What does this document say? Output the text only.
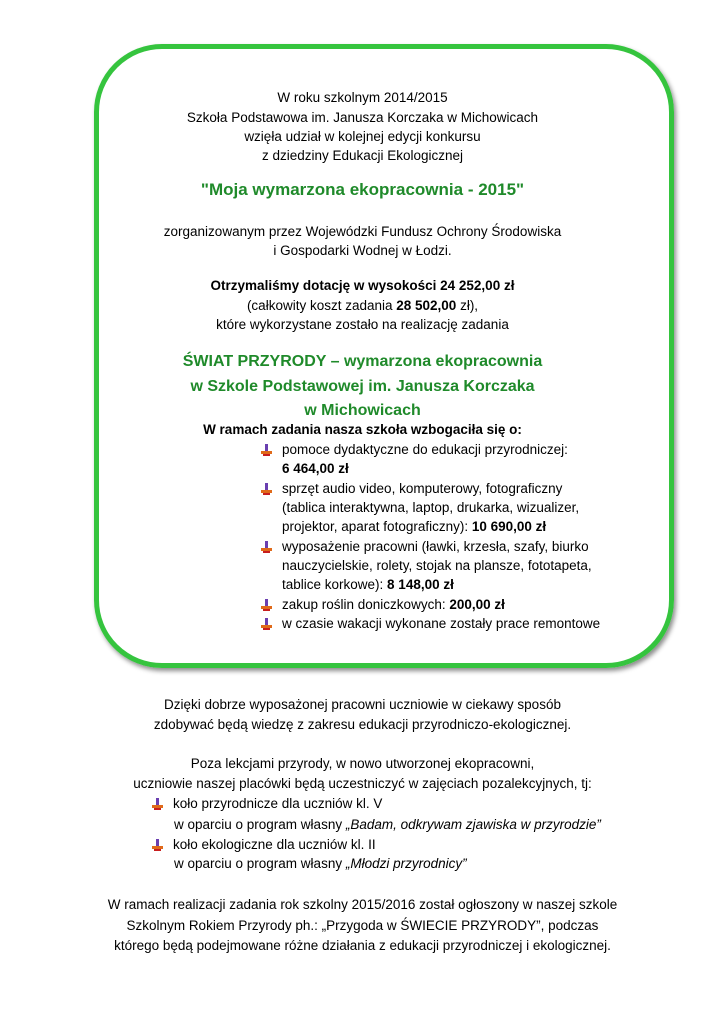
W roku szkolnym 2014/2015
Szkoła Podstawowa im. Janusza Korczaka w Michowicach
wzięła udział w kolejnej edycji konkursu
z dziedziny Edukacji Ekologicznej
"Moja wymarzona ekopracownia - 2015"
zorganizowanym przez Wojewódzki Fundusz Ochrony Środowiska
i Gospodarki Wodnej w Łodzi.
Otrzymaliśmy dotację w wysokości 24 252,00 zł
(całkowity koszt zadania 28 502,00 zł),
które wykorzystane zostało na realizację zadania
ŚWIAT PRZYRODY – wymarzona ekopracownia
w Szkole Podstawowej im. Janusza Korczaka
w Michowicach
W ramach zadania nasza szkoła wzbogaciła się o:
pomoce dydaktyczne do edukacji przyrodniczej:
6 464,00 zł
sprzęt audio video, komputerowy, fotograficzny
(tablica interaktywna, laptop, drukarka, wizualizer,
projektor, aparat fotograficzny): 10 690,00 zł
wyposażenie pracowni (ławki, krzesła, szafy, biurko
nauczycielskie, rolety, stojak na plansze, fototapeta,
tablice korkowe): 8 148,00 zł
zakup roślin doniczkowych: 200,00 zł
w czasie wakacji wykonane zostały prace remontowe
Dzięki dobrze wyposażonej pracowni uczniowie w ciekawy sposób
zdobywać będą wiedzę z zakresu edukacji przyrodniczo-ekologicznej.
Poza lekcjami przyrody, w nowo utworzonej ekopracowni,
uczniowie naszej placówki będą uczestniczyć w zajęciach pozalekcyjnych, tj:
koło przyrodnicze dla uczniów kl. V
w oparciu o program własny „Badam, odkrywam zjawiska w przyrodzie”
koło ekologiczne dla uczniów kl. II
w oparciu o program własny „Młodzi przyrodnicy”
W ramach realizacji zadania rok szkolny 2015/2016 został ogłoszony w naszej szkole
Szkolnym Rokiem Przyrody ph.: „Przygoda w ŚWIECIE PRZYRODY”, podczas
którego będą podejmowane różne działania z edukacji przyrodniczej i ekologicznej.
